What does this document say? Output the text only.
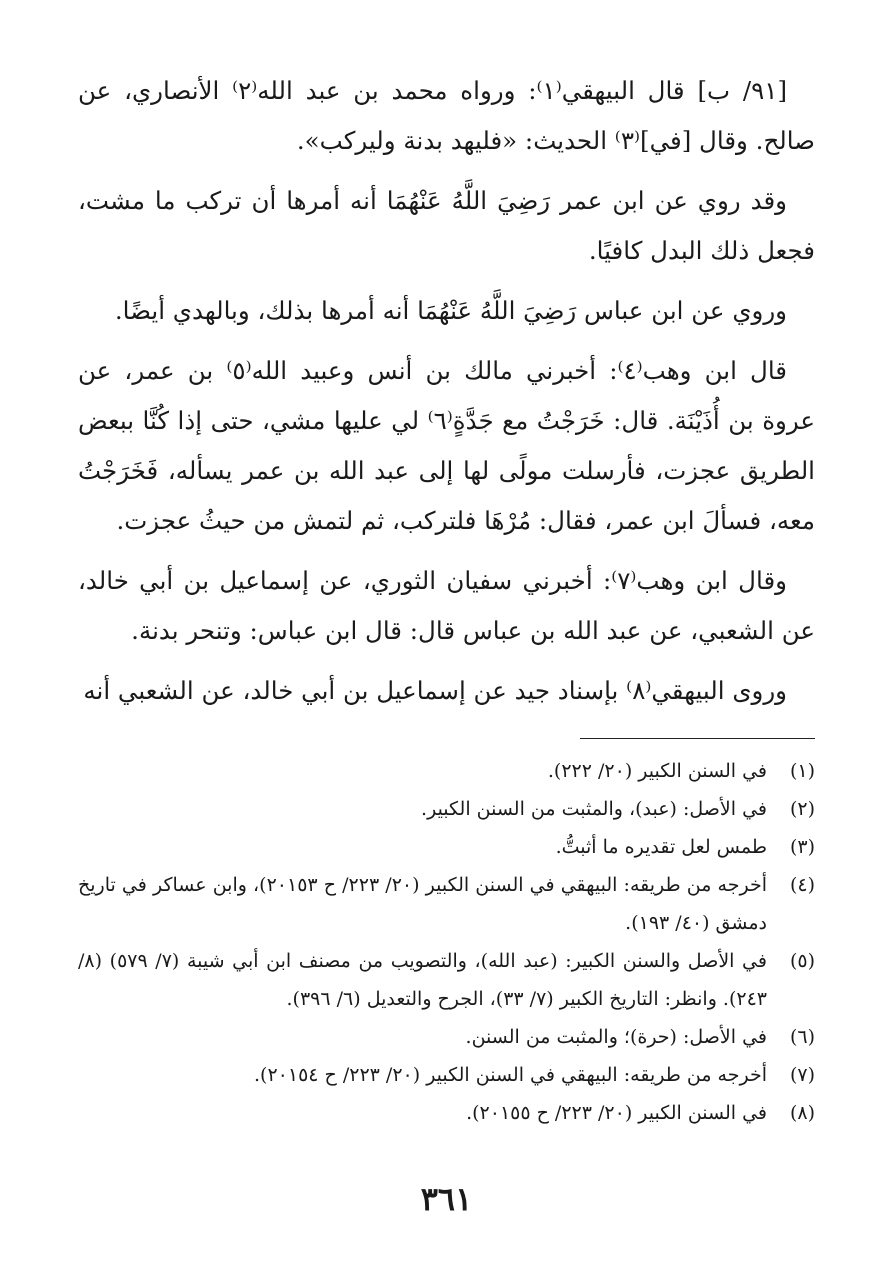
[٩١/ ب] قال البيهقي⁽١⁾: ورواه محمد بن عبد الله⁽٢⁾ الأنصاري، عن صالح. وقال [في]⁽٣⁾ الحديث: «فليهد بدنة وليركب».

وقد روي عن ابن عمر رَضِيَ اللَّهُ عَنْهُمَا أنه أمرها أن تركب ما مشت، فجعل ذلك البدل كافيًا.

وروي عن ابن عباس رَضِيَ اللَّهُ عَنْهُمَا أنه أمرها بذلك، وبالهدي أيضًا.

قال ابن وهب⁽٤⁾: أخبرني مالك بن أنس وعبيد الله⁽٥⁾ بن عمر، عن عروة بن أُذَيْنَة. قال: خَرَجْتُ مع جَدَّةٍ⁽٦⁾ لي عليها مشي، حتى إذا كُنَّا ببعض الطريق عجزت، فأرسلت مولًى لها إلى عبد الله بن عمر يسأله، فَخَرَجْتُ معه، فسألَ ابن عمر، فقال: مُرْهَا فلتركب، ثم لتمش من حيثُ عجزت.

وقال ابن وهب⁽٧⁾: أخبرني سفيان الثوري، عن إسماعيل بن أبي خالد، عن الشعبي، عن عبد الله بن عباس قال: قال ابن عباس: وتنحر بدنة.

وروى البيهقي⁽٨⁾ بإسناد جيد عن إسماعيل بن أبي خالد، عن الشعبي أنه

(١)
في السنن الكبير (٢٠/ ٢٢٢).
(٢)
في الأصل: (عبد)، والمثبت من السنن الكبير.
(٣)
طمس لعل تقديره ما أثبتُّ.
(٤)
أخرجه من طريقه: البيهقي في السنن الكبير (٢٠/ ٢٢٣/ ح ٢٠١٥٣)، وابن عساكر في تاريخ دمشق (٤٠/ ١٩٣).
(٥)
في الأصل والسنن الكبير: (عبد الله)، والتصويب من مصنف ابن أبي شيبة (٧/ ٥٧٩) (٨/ ٢٤٣). وانظر: التاريخ الكبير (٧/ ٣٣)، الجرح والتعديل (٦/ ٣٩٦).
(٦)
في الأصل: (حرة)؛ والمثبت من السنن.
(٧)
أخرجه من طريقه: البيهقي في السنن الكبير (٢٠/ ٢٢٣/ ح ٢٠١٥٤).
(٨)
في السنن الكبير (٢٠/ ٢٢٣/ ح ٢٠١٥٥).
٣٦١
